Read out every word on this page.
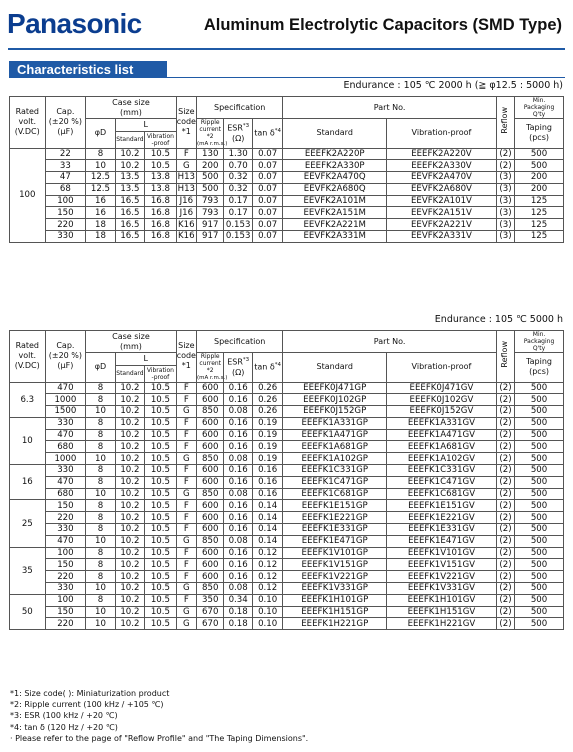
Panasonic	Aluminum Electrolytic Capacitors (SMD Type)
Characteristics list
Endurance : 105 ℃ 2000 h (≧ φ12.5 : 5000 h)
Rated
volt.
(V.DC)	Cap.
(±20 %)
(μF)	Case size
(mm)			Size
code
*1	Specification			Part No.		Reflow	Min.
Packaging
Q'ty
		φD	L			Ripple
current
*2
(mA r.m.s.)	ESR$^{*3}$
(Ω)	$\tan \delta^{*4}$	Standard	Vibration-proof		Taping
(pcs)
			Standard	Vibration
-proof								
100	22	8	10.2	10.5	F	130	1.30	0.07	EEEFK2A220P	EEEFK2A220V	(2)	500
	33	10	10.2	10.5	G	200	0.70	0.07	EEEFK2A330P	EEEFK2A330V	(2)	500
	47	12.5	13.5	13.8	H13	500	0.32	0.07	EEVFK2A470Q	EEVFK2A470V	(3)	200
	68	12.5	13.5	13.8	H13	500	0.32	0.07	EEVFK2A680Q	EEVFK2A680V	(3)	200
	100	16	16.5	16.8	J16	793	0.17	0.07	EEVFK2A101M	EEVFK2A101V	(3)	125
	150	16	16.5	16.8	J16	793	0.17	0.07	EEVFK2A151M	EEVFK2A151V	(3)	125
	220	18	16.5	16.8	K16	917	0.153	0.07	EEVFK2A221M	EEVFK2A221V	(3)	125
	330	18	16.5	16.8	K16	917	0.153	0.07	EEVFK2A331M	EEVFK2A331V	(3)	125
Endurance : 105 ℃ 5000 h
Rated
volt.
(V.DC)	Cap.
(±20 %)
(μF)	Case size
(mm)			Size
code
*1	Specification			Part No.		Reflow	Min.
Packaging
Q'ty
		φD	L			Ripple
current
*2
(mA r.m.s.)	ESR$^{*3}$
(Ω)	$\tan \delta^{*4}$	Standard	Vibration-proof		Taping
(pcs)
			Standard	Vibration
-proof								
6.3	470	8	10.2	10.5	F	600	0.16	0.26	EEEFK0J471GP	EEEFK0J471GV	(2)	500
	1000	8	10.2	10.5	F	600	0.16	0.26	EEEFK0J102GP	EEEFK0J102GV	(2)	500
	1500	10	10.2	10.5	G	850	0.08	0.26	EEEFK0J152GP	EEEFK0J152GV	(2)	500
10	330	8	10.2	10.5	F	600	0.16	0.19	EEEFK1A331GP	EEEFK1A331GV	(2)	500
	470	8	10.2	10.5	F	600	0.16	0.19	EEEFK1A471GP	EEEFK1A471GV	(2)	500
	680	8	10.2	10.5	F	600	0.16	0.19	EEEFK1A681GP	EEEFK1A681GV	(2)	500
	1000	10	10.2	10.5	G	850	0.08	0.19	EEEFK1A102GP	EEEFK1A102GV	(2)	500
16	330	8	10.2	10.5	F	600	0.16	0.16	EEEFK1C331GP	EEEFK1C331GV	(2)	500
	470	8	10.2	10.5	F	600	0.16	0.16	EEEFK1C471GP	EEEFK1C471GV	(2)	500
	680	10	10.2	10.5	G	850	0.08	0.16	EEEFK1C681GP	EEEFK1C681GV	(2)	500
25	150	8	10.2	10.5	F	600	0.16	0.14	EEEFK1E151GP	EEEFK1E151GV	(2)	500
	220	8	10.2	10.5	F	600	0.16	0.14	EEEFK1E221GP	EEEFK1E221GV	(2)	500
	330	8	10.2	10.5	F	600	0.16	0.14	EEEFK1E331GP	EEEFK1E331GV	(2)	500
	470	10	10.2	10.5	G	850	0.08	0.14	EEEFK1E471GP	EEEFK1E471GV	(2)	500
35	100	8	10.2	10.5	F	600	0.16	0.12	EEEFK1V101GP	EEEFK1V101GV	(2)	500
	150	8	10.2	10.5	F	600	0.16	0.12	EEEFK1V151GP	EEEFK1V151GV	(2)	500
	220	8	10.2	10.5	F	600	0.16	0.12	EEEFK1V221GP	EEEFK1V221GV	(2)	500
	330	10	10.2	10.5	G	850	0.08	0.12	EEEFK1V331GP	EEEFK1V331GV	(2)	500
50	100	8	10.2	10.5	F	350	0.34	0.10	EEEFK1H101GP	EEEFK1H101GV	(2)	500
	150	10	10.2	10.5	G	670	0.18	0.10	EEEFK1H151GP	EEEFK1H151GV	(2)	500
	220	10	10.2	10.5	G	670	0.18	0.10	EEEFK1H221GP	EEEFK1H221GV	(2)	500
*1: Size code( ): Miniaturization product
*2: Ripple current (100 kHz / +105 ℃)
*3: ESR (100 kHz / +20 ℃)
*4: tan δ (120 Hz / +20 ℃)
· Please refer to the page of "Reflow Profile" and "The Taping Dimensions".
